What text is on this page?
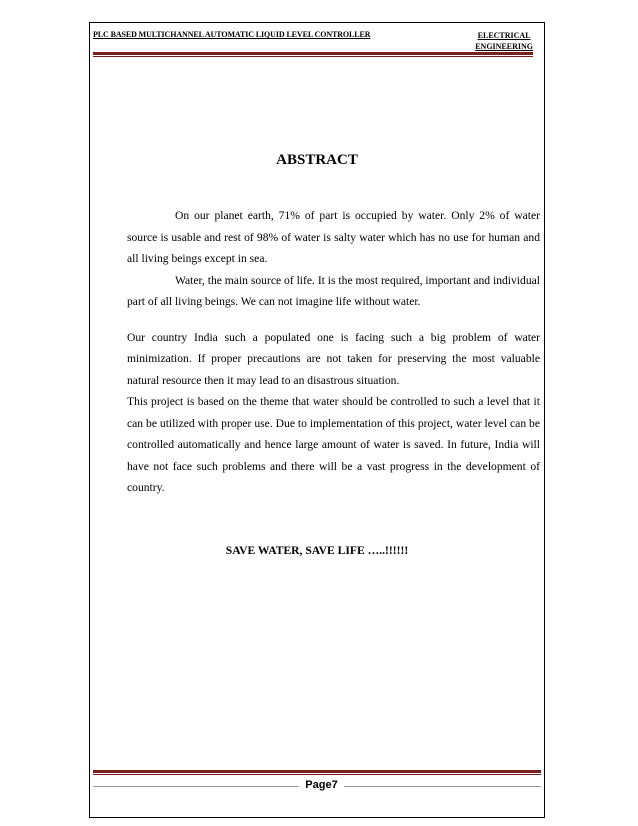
PLC BASED MULTICHANNEL AUTOMATIC LIQUID LEVEL CONTROLLER	ELECTRICAL
ENGINEERING
ABSTRACT

On our planet earth, 71% of part is occupied by water. Only 2% of water source is usable and rest of 98% of water is salty water which has no use for human and all living beings except in sea.

Water, the main source of life. It is the most required, important and individual part of all living beings. We can not imagine life without water.

Our country India such a populated one is facing such a big problem of water minimization. If proper precautions are not taken for preserving the most valuable natural resource then it may lead to an disastrous situation.

This project is based on the theme that water should be controlled to such a level that it can be utilized with proper use. Due to implementation of this project, water level can be controlled automatically and hence large amount of water is saved. In future, India will have not face such problems and there will be a vast progress in the development of country.

SAVE WATER, SAVE LIFE …..!!!!!!
Page7
